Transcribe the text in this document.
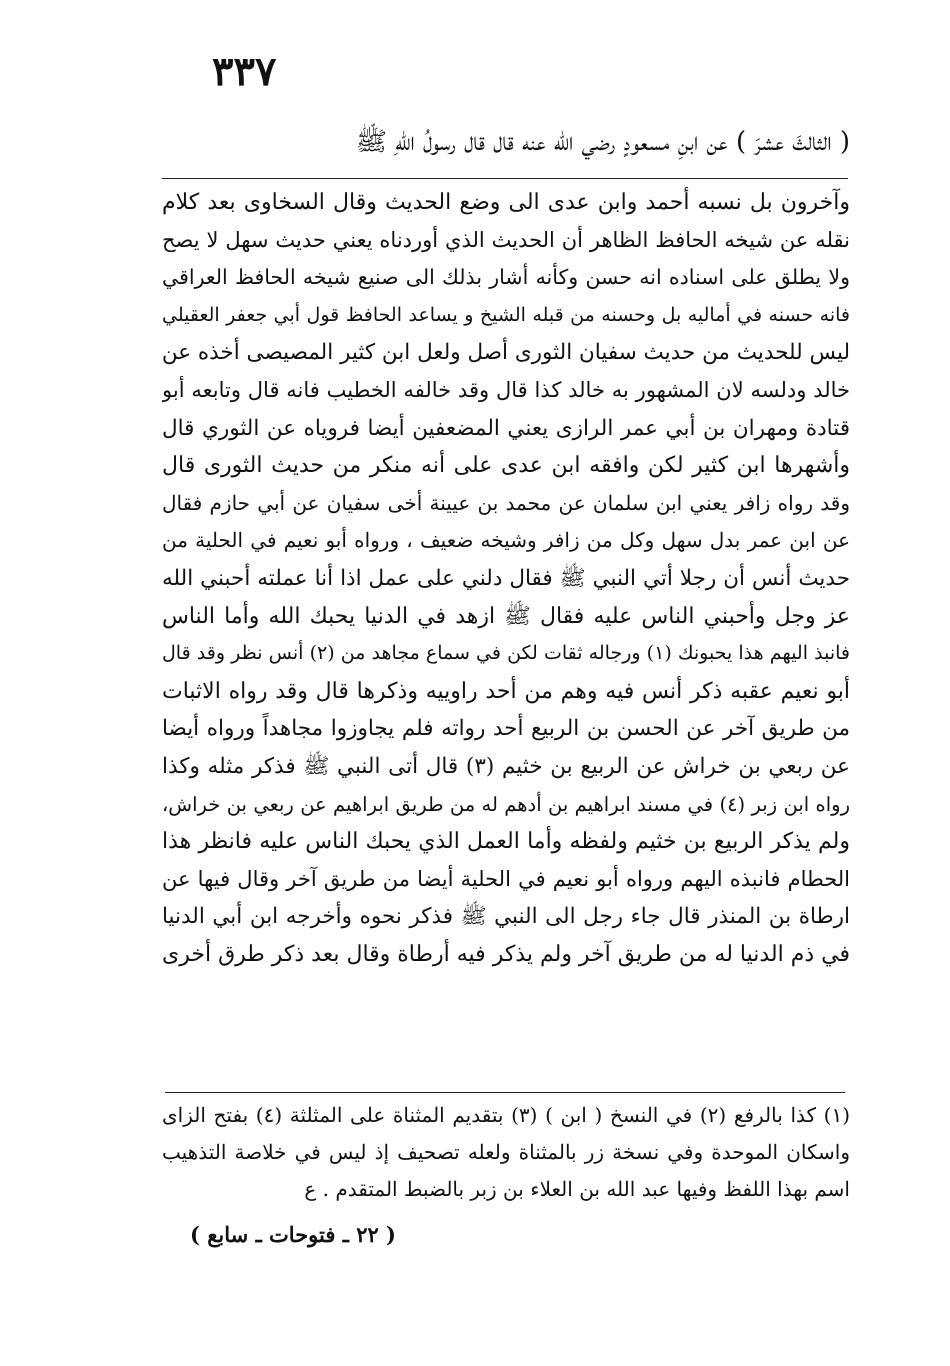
٣٣٧
( الثالثَ عشرَ ) عن ابنِ مسعودٍ رضي الله عنه قال قال رسولُ اللهِ ﷺ
وآخرون بل نسبه أحمد وابن عدى الى وضع الحديث وقال السخاوى بعد كلام
نقله عن شيخه الحافظ الظاهر أن الحديث الذي أوردناه يعني حديث سهل لا يصح
ولا يطلق على اسناده انه حسن وكأنه أشار بذلك الى صنيع شيخه الحافظ العراقي
فانه حسنه في أماليه بل وحسنه من قبله الشيخ و يساعد الحافظ قول أبي جعفر العقيلي
ليس للحديث من حديث سفيان الثورى أصل ولعل ابن كثير المصيصى أخذه عن
خالد ودلسه لان المشهور به خالد كذا قال وقد خالفه الخطيب فانه قال وتابعه أبو
قتادة ومهران بن أبي عمر الرازى يعني المضعفين أيضا فروياه عن الثوري قال
وأشهرها ابن كثير لكن وافقه ابن عدى على أنه منكر من حديث الثورى قال
وقد رواه زافر يعني ابن سلمان عن محمد بن عيينة أخى سفيان عن أبي حازم فقال
عن ابن عمر بدل سهل وكل من زافر وشيخه ضعيف ، ورواه أبو نعيم في الحلية من
حديث أنس أن رجلا أتي النبي ﷺ فقال دلني على عمل اذا أنا عملته أحبني الله
عز وجل وأحبني الناس عليه فقال ﷺ ازهد في الدنيا يحبك الله وأما الناس
فانبذ اليهم هذا يحبونك (١) ورجاله ثقات لكن في سماع مجاهد من (٢) أنس نظر وقد قال
أبو نعيم عقبه ذكر أنس فيه وهم من أحد راوييه وذكرها قال وقد رواه الاثبات
من طريق آخر عن الحسن بن الربيع أحد رواته فلم يجاوزوا مجاهداً ورواه أيضا
عن ربعي بن خراش عن الربيع بن خثيم (٣) قال أتى النبي ﷺ فذكر مثله وكذا
رواه ابن زبر (٤) في مسند ابراهيم بن أدهم له من طريق ابراهيم عن ربعي بن خراش،
ولم يذكر الربيع بن خثيم ولفظه وأما العمل الذي يحبك الناس عليه فانظر هذا
الحطام فانبذه اليهم ورواه أبو نعيم في الحلية أيضا من طريق آخر وقال فيها عن
ارطاة بن المنذر قال جاء رجل الى النبي ﷺ فذكر نحوه وأخرجه ابن أبي الدنيا
في ذم الدنيا له من طريق آخر ولم يذكر فيه أرطاة وقال بعد ذكر طرق أخرى
(١) كذا بالرفع (٢) في النسخ ( ابن ) (٣) بتقديم المثناة على المثلثة (٤) بفتح الزاى
واسكان الموحدة وفي نسخة زر بالمثناة ولعله تصحيف إذ ليس في خلاصة التذهيب
اسم بهذا اللفظ وفيها عبد الله بن العلاء بن زبر بالضبط المتقدم . ع
( ٢٢ ـ فتوحات ـ سابع )
